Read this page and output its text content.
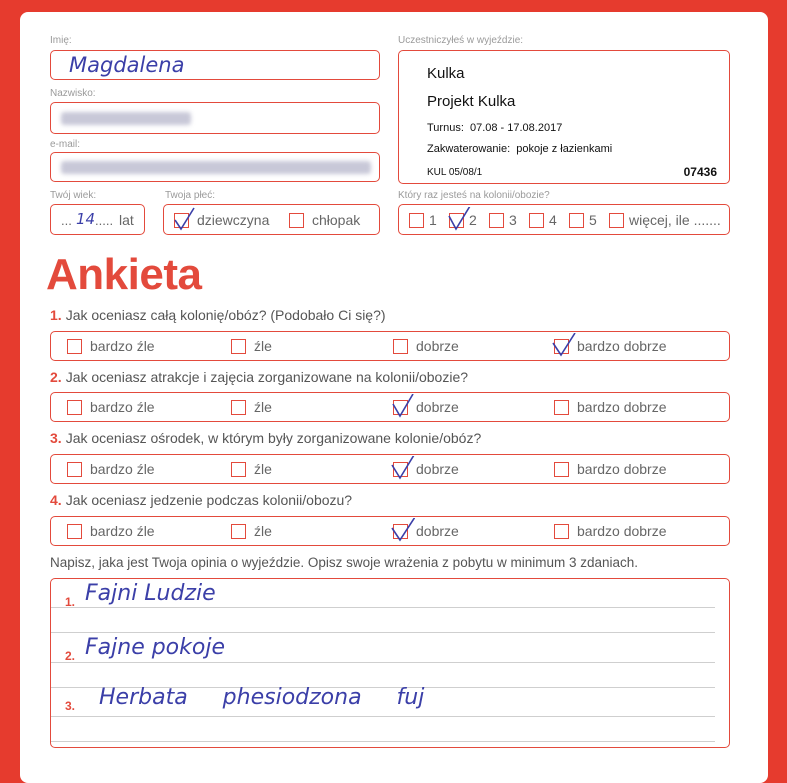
Imię:
Magdalena
Nazwisko:
e-mail:
Twój wiek:
... 14 ..... lat
Twoja płeć:
dziewczyna	chłopak
Uczestniczyłeś w wyjeździe:
Kulka
Projekt Kulka
Turnus: 07.08 - 17.08.2017
Zakwaterowanie: pokoje z łazienkami
KUL 05/08/1	07436
Który raz jesteś na kolonii/obozie?
1 2 3 4 5 więcej, ile .......
Ankieta
1. Jak oceniasz całą kolonię/obóz? (Podobało Ci się?)
bardzo źle	źle	dobrze	bardzo dobrze
2. Jak oceniasz atrakcje i zajęcia zorganizowane na kolonii/obozie?
bardzo źle	źle	dobrze	bardzo dobrze
3. Jak oceniasz ośrodek, w którym były zorganizowane kolonie/obóz?
bardzo źle	źle	dobrze	bardzo dobrze
4. Jak oceniasz jedzenie podczas kolonii/obozu?
bardzo źle	źle	dobrze	bardzo dobrze
Napisz, jaka jest Twoja opinia o wyjeździe. Opisz swoje wrażenia z pobytu w minimum 3 zdaniach.
1. Fajni Ludzie
2. Fajne pokoje
3. Herbata phesiodzona fuj
